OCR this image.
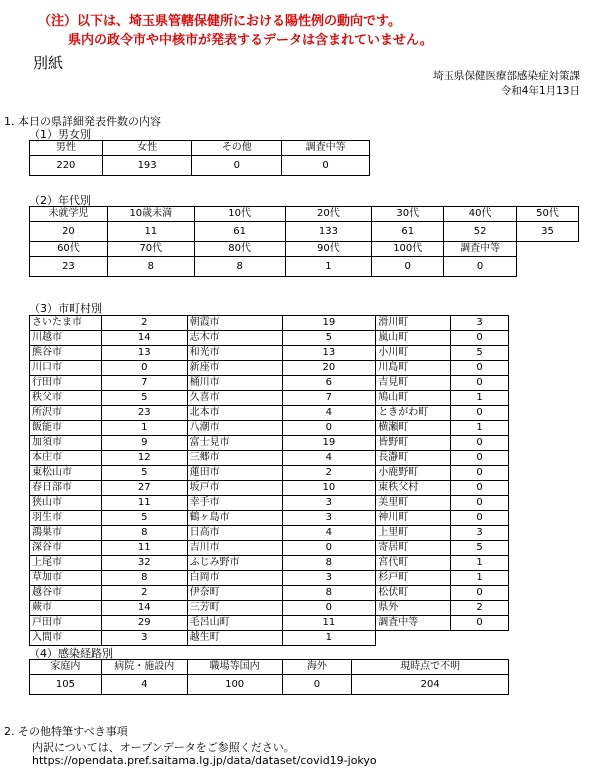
（注）以下は、埼玉県管轄保健所における陽性例の動向です。
県内の政令市や中核市が発表するデータは含まれていません。
別紙
埼玉県保健医療部感染症対策課
令和4年1月13日
1. 本日の県詳細発表件数の内容
（1）男女別
男性	女性	その他	調査中等
220	193	0	0
（2）年代別
未就学児	10歳未満	10代	20代	30代	40代	50代
20	11	61	133	61	52	35
60代	70代	80代	90代	100代	調査中等	
23	8	8	1	0	0	
（3）市町村別
さいたま市	2	朝霞市	19	滑川町	3
川越市	14	志木市	5	嵐山町	0
熊谷市	13	和光市	13	小川町	5
川口市	0	新座市	20	川島町	0
行田市	7	桶川市	6	吉見町	0
秩父市	5	久喜市	7	鳩山町	1
所沢市	23	北本市	4	ときがわ町	0
飯能市	1	八潮市	0	横瀬町	1
加須市	9	富士見市	19	皆野町	0
本庄市	12	三郷市	4	長瀞町	0
東松山市	5	蓮田市	2	小鹿野町	0
春日部市	27	坂戸市	10	東秩父村	0
狭山市	11	幸手市	3	美里町	0
羽生市	5	鶴ヶ島市	3	神川町	0
鴻巣市	8	日高市	4	上里町	3
深谷市	11	吉川市	0	寄居町	5
上尾市	32	ふじみ野市	8	宮代町	1
草加市	8	白岡市	3	杉戸町	1
越谷市	2	伊奈町	8	松伏町	0
蕨市	14	三芳町	0	県外	2
戸田市	29	毛呂山町	11	調査中等	0
入間市	3	越生町	1		
（4）感染経路別
家庭内	病院・施設内	職場等国内	海外	現時点で不明
105	4	100	0	204
2. その他特筆すべき事項
内訳については、オープンデータをご参照ください。
https://opendata.pref.saitama.lg.jp/data/dataset/covid19-jokyo
